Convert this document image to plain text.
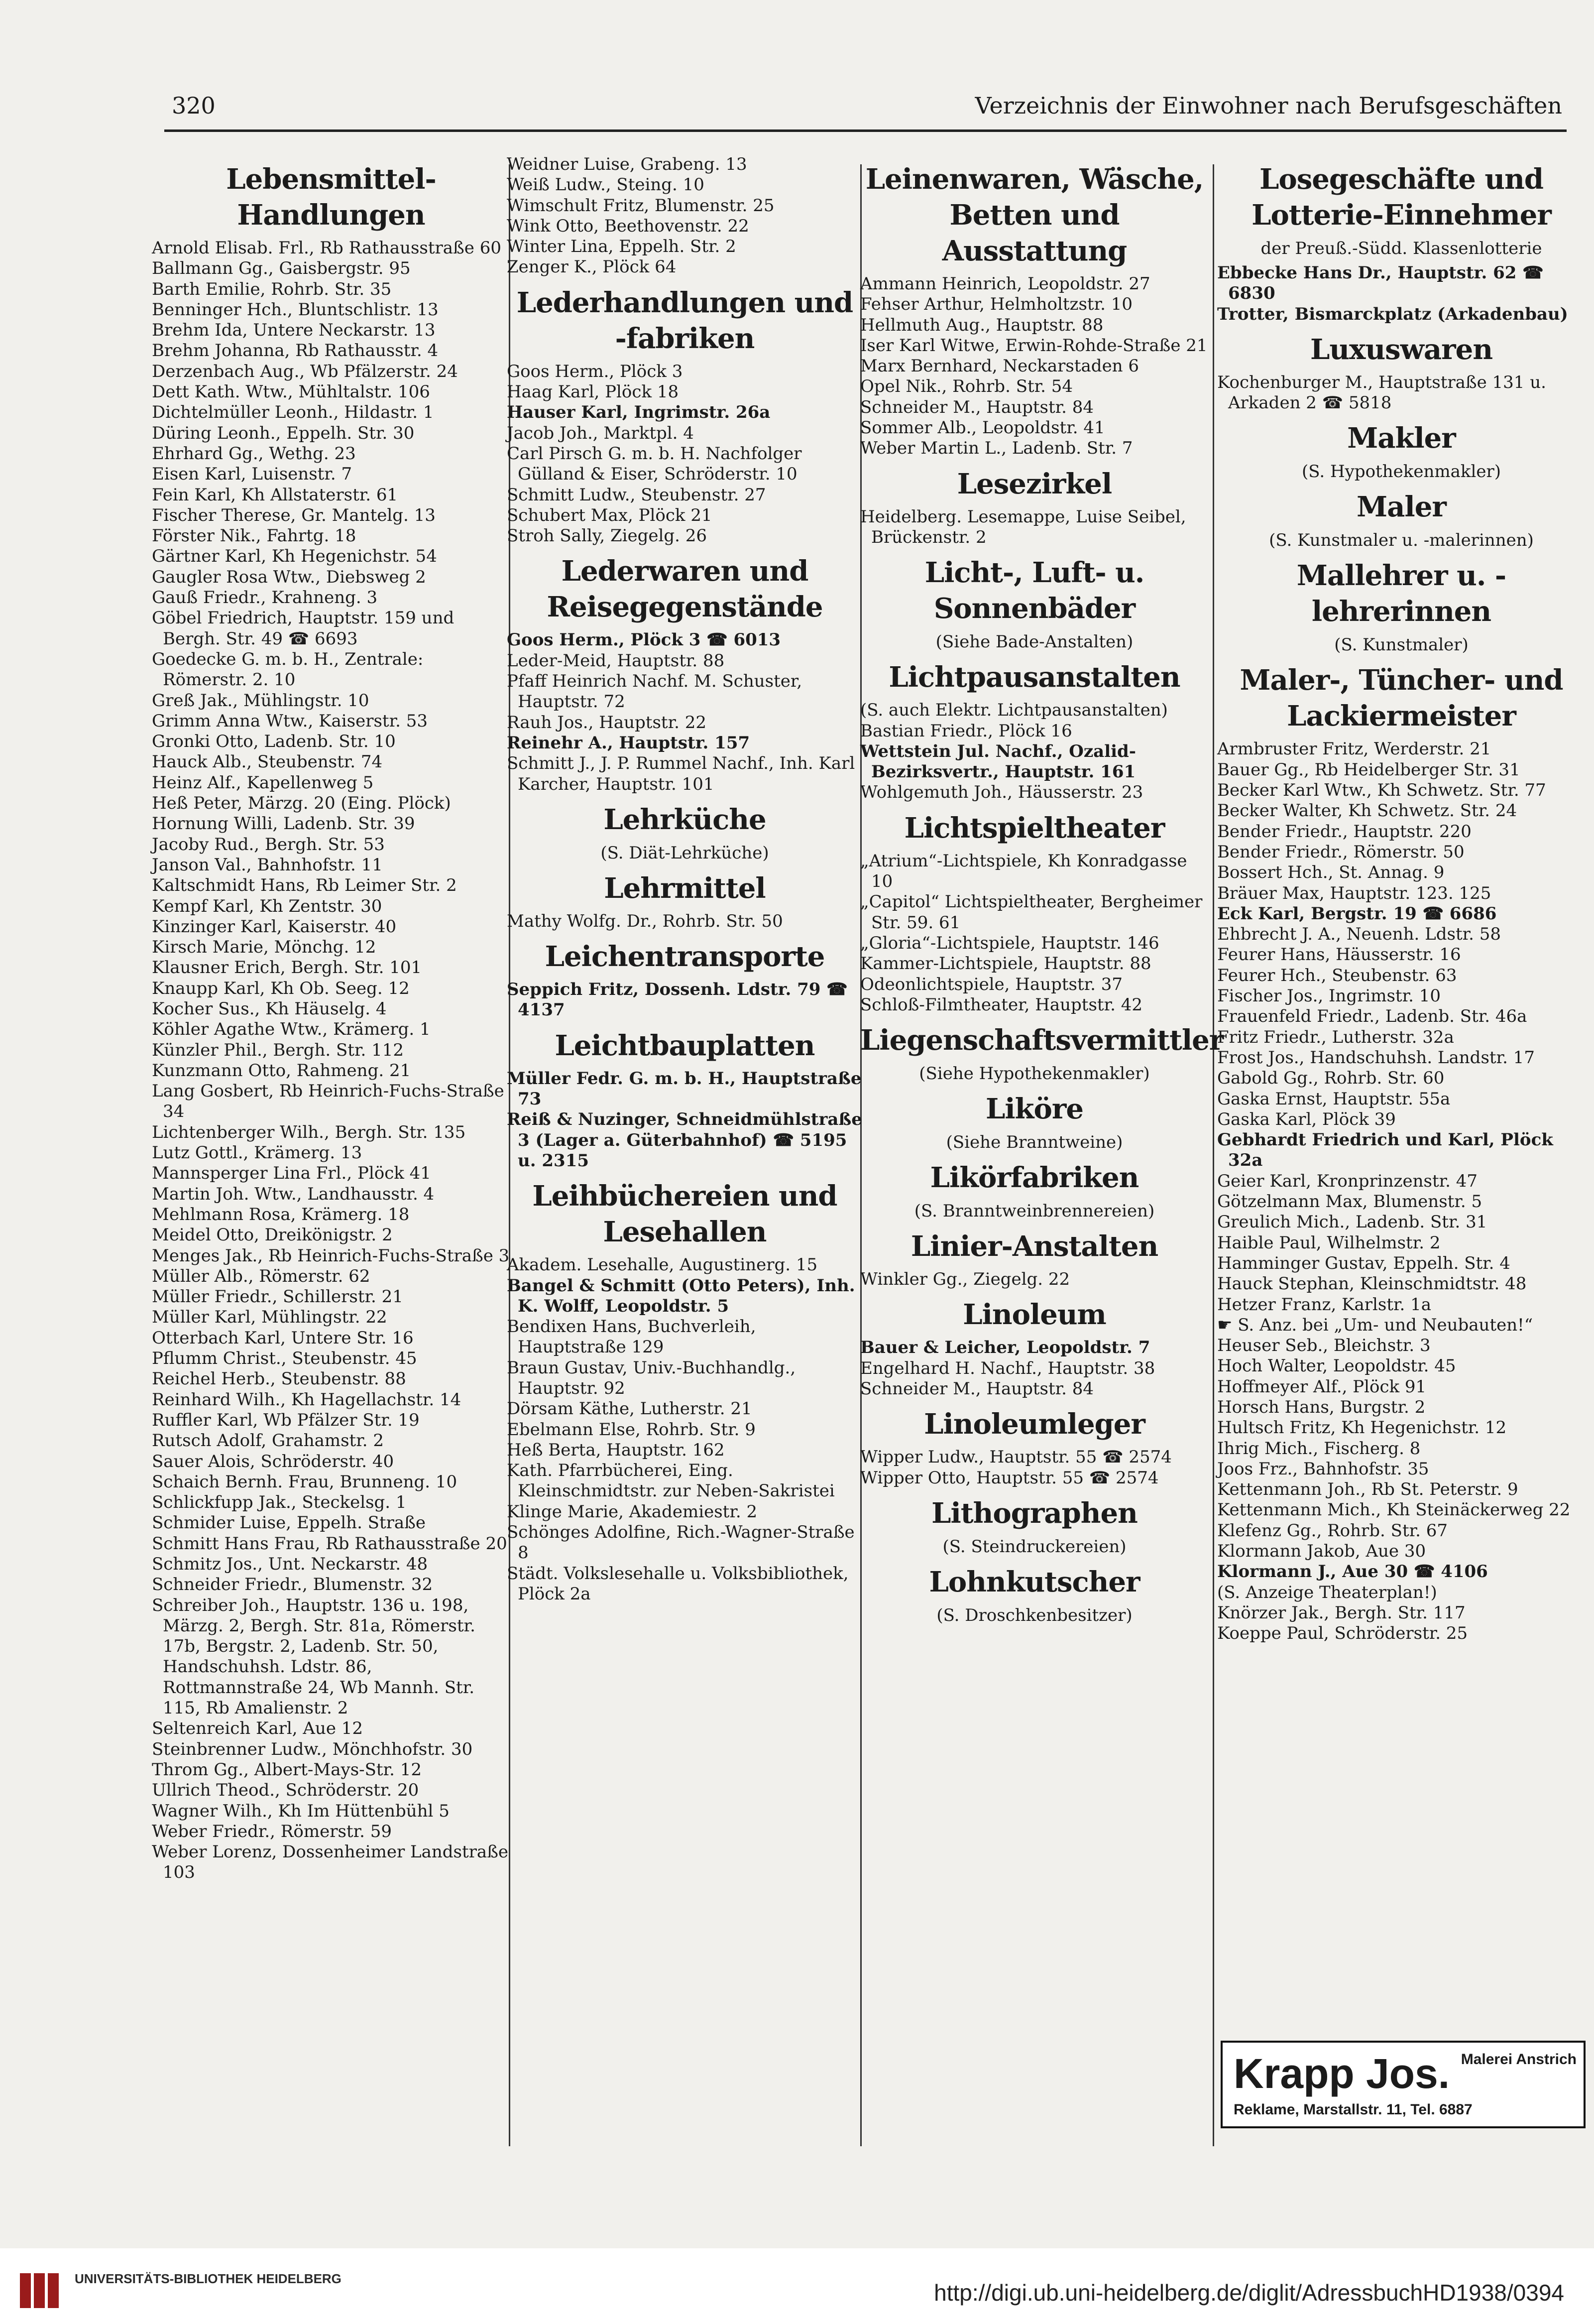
320	Verzeichnis der Einwohner nach Berufsgeschäften
Lebensmittel-Handlungen
Arnold Elisab. Frl., Rb Rathausstraße 60
Ballmann Gg., Gaisbergstr. 95
Barth Emilie, Rohrb. Str. 35
Benninger Hch., Bluntschlistr. 13
Brehm Ida, Untere Neckarstr. 13
Brehm Johanna, Rb Rathausstr. 4
Derzenbach Aug., Wb Pfälzerstr. 24
Dett Kath. Wtw., Mühltalstr. 106
Dichtelmüller Leonh., Hildastr. 1
Düring Leonh., Eppelh. Str. 30
Ehrhard Gg., Wethg. 23
Eisen Karl, Luisenstr. 7
Fein Karl, Kh Allstaterstr. 61
Fischer Therese, Gr. Mantelg. 13
Förster Nik., Fahrtg. 18
Gärtner Karl, Kh Hegenichstr. 54
Gaugler Rosa Wtw., Diebsweg 2
Gauß Friedr., Krahneng. 3
Göbel Friedrich, Hauptstr. 159 und Bergh. Str. 49 ☎ 6693
Goedecke G. m. b. H., Zentrale: Römerstr. 2. 10
Greß Jak., Mühlingstr. 10
Grimm Anna Wtw., Kaiserstr. 53
Gronki Otto, Ladenb. Str. 10
Hauck Alb., Steubenstr. 74
Heinz Alf., Kapellenweg 5
Heß Peter, Märzg. 20 (Eing. Plöck)
Hornung Willi, Ladenb. Str. 39
Jacoby Rud., Bergh. Str. 53
Janson Val., Bahnhofstr. 11
Kaltschmidt Hans, Rb Leimer Str. 2
Kempf Karl, Kh Zentstr. 30
Kinzinger Karl, Kaiserstr. 40
Kirsch Marie, Mönchg. 12
Klausner Erich, Bergh. Str. 101
Knaupp Karl, Kh Ob. Seeg. 12
Kocher Sus., Kh Häuselg. 4
Köhler Agathe Wtw., Krämerg. 1
Künzler Phil., Bergh. Str. 112
Kunzmann Otto, Rahmeng. 21
Lang Gosbert, Rb Heinrich-Fuchs-Straße 34
Lichtenberger Wilh., Bergh. Str. 135
Lutz Gottl., Krämerg. 13
Mannsperger Lina Frl., Plöck 41
Martin Joh. Wtw., Landhausstr. 4
Mehlmann Rosa, Krämerg. 18
Meidel Otto, Dreikönigstr. 2
Menges Jak., Rb Heinrich-Fuchs-Straße 3
Müller Alb., Römerstr. 62
Müller Friedr., Schillerstr. 21
Müller Karl, Mühlingstr. 22
Otterbach Karl, Untere Str. 16
Pflumm Christ., Steubenstr. 45
Reichel Herb., Steubenstr. 88
Reinhard Wilh., Kh Hagellachstr. 14
Ruffler Karl, Wb Pfälzer Str. 19
Rutsch Adolf, Grahamstr. 2
Sauer Alois, Schröderstr. 40
Schaich Bernh. Frau, Brunneng. 10
Schlickfupp Jak., Steckelsg. 1
Schmider Luise, Eppelh. Straße
Schmitt Hans Frau, Rb Rathausstraße 20
Schmitz Jos., Unt. Neckarstr. 48
Schneider Friedr., Blumenstr. 32
Schreiber Joh., Hauptstr. 136 u. 198, Märzg. 2, Bergh. Str. 81a, Römerstr. 17b, Bergstr. 2, Ladenb. Str. 50, Handschuhsh. Ldstr. 86, Rottmannstraße 24, Wb Mannh. Str. 115, Rb Amalienstr. 2
Seltenreich Karl, Aue 12
Steinbrenner Ludw., Mönchhofstr. 30
Throm Gg., Albert-Mays-Str. 12
Ullrich Theod., Schröderstr. 20
Wagner Wilh., Kh Im Hüttenbühl 5
Weber Friedr., Römerstr. 59
Weber Lorenz, Dossenheimer Landstraße 103
Weidner Luise, Grabeng. 13
Weiß Ludw., Steing. 10
Wimschult Fritz, Blumenstr. 25
Wink Otto, Beethovenstr. 22
Winter Lina, Eppelh. Str. 2
Zenger K., Plöck 64
Lederhandlungen und -fabriken
Goos Herm., Plöck 3
Haag Karl, Plöck 18
Hauser Karl, Ingrimstr. 26a
Jacob Joh., Marktpl. 4
Carl Pirsch G. m. b. H. Nachfolger Gülland & Eiser, Schröderstr. 10
Schmitt Ludw., Steubenstr. 27
Schubert Max, Plöck 21
Stroh Sally, Ziegelg. 26
Lederwaren und Reisegegenstände
Goos Herm., Plöck 3 ☎ 6013
Leder-Meid, Hauptstr. 88
Pfaff Heinrich Nachf. M. Schuster, Hauptstr. 72
Rauh Jos., Hauptstr. 22
Reinehr A., Hauptstr. 157
Schmitt J., J. P. Rummel Nachf., Inh. Karl Karcher, Hauptstr. 101
Lehrküche
(S. Diät-Lehrküche)
Lehrmittel
Mathy Wolfg. Dr., Rohrb. Str. 50
Leichentransporte
Seppich Fritz, Dossenh. Ldstr. 79 ☎ 4137
Leichtbauplatten
Müller Fedr. G. m. b. H., Hauptstraße 73
Reiß & Nuzinger, Schneidmühlstraße 3 (Lager a. Güterbahnhof) ☎ 5195 u. 2315
Leihbüchereien und Lesehallen
Akadem. Lesehalle, Augustinerg. 15
Bangel & Schmitt (Otto Peters), Inh. K. Wolff, Leopoldstr. 5
Bendixen Hans, Buchverleih, Hauptstraße 129
Braun Gustav, Univ.-Buchhandlg., Hauptstr. 92
Dörsam Käthe, Lutherstr. 21
Ebelmann Else, Rohrb. Str. 9
Heß Berta, Hauptstr. 162
Kath. Pfarrbücherei, Eing. Kleinschmidtstr. zur Neben-Sakristei
Klinge Marie, Akademiestr. 2
Schönges Adolfine, Rich.-Wagner-Straße 8
Städt. Volkslesehalle u. Volksbibliothek, Plöck 2a
Leinenwaren, Wäsche, Betten und Ausstattung
Ammann Heinrich, Leopoldstr. 27
Fehser Arthur, Helmholtzstr. 10
Hellmuth Aug., Hauptstr. 88
Iser Karl Witwe, Erwin-Rohde-Straße 21
Marx Bernhard, Neckarstaden 6
Opel Nik., Rohrb. Str. 54
Schneider M., Hauptstr. 84
Sommer Alb., Leopoldstr. 41
Weber Martin L., Ladenb. Str. 7
Lesezirkel
Heidelberg. Lesemappe, Luise Seibel, Brückenstr. 2
Licht-, Luft- u. Sonnenbäder
(Siehe Bade-Anstalten)
Lichtpausanstalten
(S. auch Elektr. Lichtpausanstalten)
Bastian Friedr., Plöck 16
Wettstein Jul. Nachf., Ozalid-Bezirksvertr., Hauptstr. 161
Wohlgemuth Joh., Häusserstr. 23
Lichtspieltheater
„Atrium“-Lichtspiele, Kh Konradgasse 10
„Capitol“ Lichtspieltheater, Bergheimer Str. 59. 61
„Gloria“-Lichtspiele, Hauptstr. 146
Kammer-Lichtspiele, Hauptstr. 88
Odeonlichtspiele, Hauptstr. 37
Schloß-Filmtheater, Hauptstr. 42
Liegenschaftsvermittler
(Siehe Hypothekenmakler)
Liköre
(Siehe Branntweine)
Likörfabriken
(S. Branntweinbrennereien)
Linier-Anstalten
Winkler Gg., Ziegelg. 22
Linoleum
Bauer & Leicher, Leopoldstr. 7
Engelhard H. Nachf., Hauptstr. 38
Schneider M., Hauptstr. 84
Linoleumleger
Wipper Ludw., Hauptstr. 55 ☎ 2574
Wipper Otto, Hauptstr. 55 ☎ 2574
Lithographen
(S. Steindruckereien)
Lohnkutscher
(S. Droschkenbesitzer)
Losegeschäfte und Lotterie-Einnehmer
der Preuß.-Südd. Klassenlotterie
Ebbecke Hans Dr., Hauptstr. 62 ☎ 6830
Trotter, Bismarckplatz (Arkadenbau)
Luxuswaren
Kochenburger M., Hauptstraße 131 u. Arkaden 2 ☎ 5818
Makler
(S. Hypothekenmakler)
Maler
(S. Kunstmaler u. -malerinnen)
Mallehrer u. -lehrerinnen
(S. Kunstmaler)
Maler-, Tüncher- und Lackiermeister
Armbruster Fritz, Werderstr. 21
Bauer Gg., Rb Heidelberger Str. 31
Becker Karl Wtw., Kh Schwetz. Str. 77
Becker Walter, Kh Schwetz. Str. 24
Bender Friedr., Hauptstr. 220
Bender Friedr., Römerstr. 50
Bossert Hch., St. Annag. 9
Bräuer Max, Hauptstr. 123. 125
Eck Karl, Bergstr. 19 ☎ 6686
Ehbrecht J. A., Neuenh. Ldstr. 58
Feurer Hans, Häusserstr. 16
Feurer Hch., Steubenstr. 63
Fischer Jos., Ingrimstr. 10
Frauenfeld Friedr., Ladenb. Str. 46a
Fritz Friedr., Lutherstr. 32a
Frost Jos., Handschuhsh. Landstr. 17
Gabold Gg., Rohrb. Str. 60
Gaska Ernst, Hauptstr. 55a
Gaska Karl, Plöck 39
Gebhardt Friedrich und Karl, Plöck 32a
Geier Karl, Kronprinzenstr. 47
Götzelmann Max, Blumenstr. 5
Greulich Mich., Ladenb. Str. 31
Haible Paul, Wilhelmstr. 2
Hamminger Gustav, Eppelh. Str. 4
Hauck Stephan, Kleinschmidtstr. 48
Hetzer Franz, Karlstr. 1a
☛ S. Anz. bei „Um- und Neubauten!“
Heuser Seb., Bleichstr. 3
Hoch Walter, Leopoldstr. 45
Hoffmeyer Alf., Plöck 91
Horsch Hans, Burgstr. 2
Hultsch Fritz, Kh Hegenichstr. 12
Ihrig Mich., Fischerg. 8
Joos Frz., Bahnhofstr. 35
Kettenmann Joh., Rb St. Peterstr. 9
Kettenmann Mich., Kh Steinäckerweg 22
Klefenz Gg., Rohrb. Str. 67
Klormann Jakob, Aue 30
Klormann J., Aue 30 ☎ 4106
(S. Anzeige Theaterplan!)
Knörzer Jak., Bergh. Str. 117
Koeppe Paul, Schröderstr. 25
Krapp Jos. Malerei Anstrich
Reklame, Marstallstr. 11, Tel. 6887
UNIVERSITÄTS-BIBLIOTHEK HEIDELBERG
http://digi.ub.uni-heidelberg.de/diglit/AdressbuchHD1938/0394
